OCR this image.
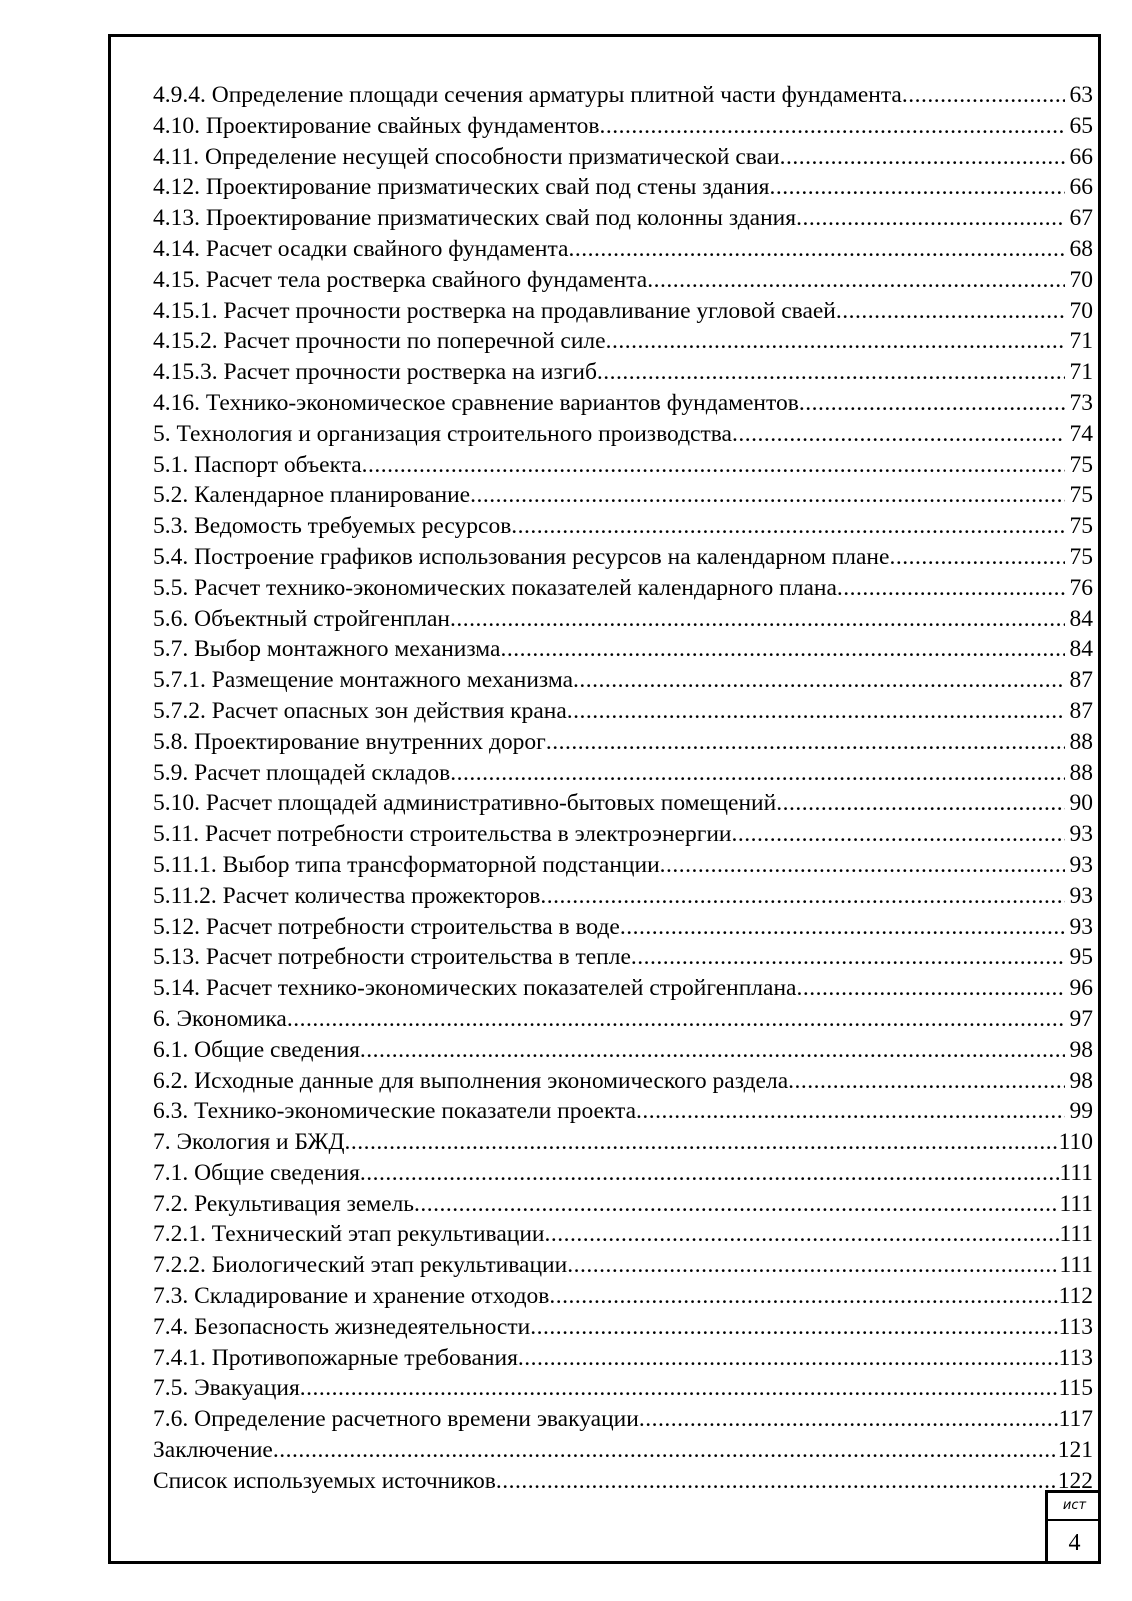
4.9.4. Определение площади сечения арматуры плитной части фундамента .....	63
4.10. Проектирование свайных фундаментов .....	65
4.11. Определение несущей способности призматической сваи .....	66
4.12. Проектирование призматических свай под стены здания .....	66
4.13. Проектирование призматических свай под колонны здания .....	67
4.14. Расчет осадки свайного фундамента .....	68
4.15. Расчет тела ростверка свайного фундамента .....	70
4.15.1. Расчет прочности ростверка на продавливание угловой сваей .....	70
4.15.2. Расчет прочности по поперечной силе .....	71
4.15.3. Расчет прочности ростверка на изгиб .....	71
4.16. Технико-экономическое сравнение вариантов фундаментов .....	73
5. Технология и организация строительного производства .....	74
5.1. Паспорт объекта .....	75
5.2. Календарное планирование .....	75
5.3. Ведомость требуемых ресурсов .....	75
5.4. Построение графиков использования ресурсов на календарном плане .....	75
5.5. Расчет технико-экономических показателей календарного плана .....	76
5.6. Объектный стройгенплан .....	84
5.7. Выбор монтажного механизма .....	84
5.7.1. Размещение монтажного механизма .....	87
5.7.2. Расчет опасных зон действия крана .....	87
5.8. Проектирование внутренних дорог .....	88
5.9. Расчет площадей складов .....	88
5.10. Расчет площадей административно-бытовых помещений .....	90
5.11. Расчет потребности строительства в электроэнергии .....	93
5.11.1. Выбор типа трансформаторной подстанции .....	93
5.11.2. Расчет количества прожекторов .....	93
5.12. Расчет потребности строительства в воде .....	93
5.13. Расчет потребности строительства в тепле .....	95
5.14. Расчет технико-экономических показателей стройгенплана .....	96
6. Экономика .....	97
6.1. Общие сведения .....	98
6.2. Исходные данные для выполнения экономического раздела .....	98
6.3. Технико-экономические показатели проекта .....	99
7. Экология и БЖД .....	110
7.1. Общие сведения .....	111
7.2. Рекультивация земель .....	111
7.2.1. Технический этап рекультивации .....	111
7.2.2. Биологический этап рекультивации .....	111
7.3. Складирование и хранение отходов .....	112
7.4. Безопасность жизнедеятельности .....	113
7.4.1. Противопожарные требования .....	113
7.5. Эвакуация .....	115
7.6. Определение расчетного времени эвакуации .....	117
Заключение .....	121
Список используемых источников .....	122
ист
4
